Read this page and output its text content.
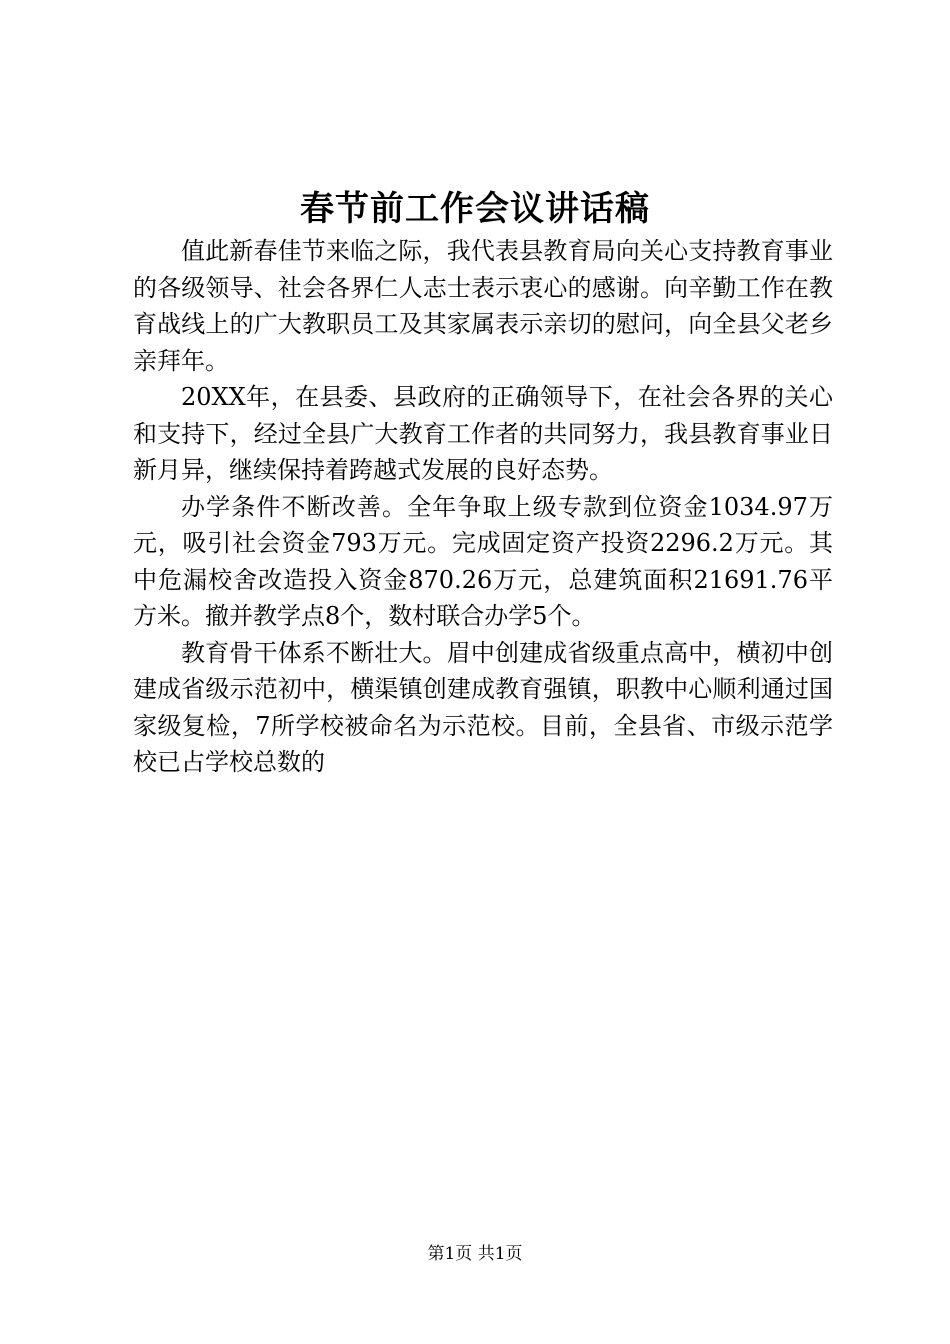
春节前工作会议讲话稿

值此新春佳节来临之际，我代表县教育局向关心支持教育事业的各级领导、社会各界仁人志士表示衷心的感谢。向辛勤工作在教育战线上的广大教职员工及其家属表示亲切的慰问，向全县父老乡亲拜年。

20XX年，在县委、县政府的正确领导下，在社会各界的关心和支持下，经过全县广大教育工作者的共同努力，我县教育事业日新月异，继续保持着跨越式发展的良好态势。

办学条件不断改善。全年争取上级专款到位资金1034.97万元，吸引社会资金793万元。完成固定资产投资2296.2万元。其中危漏校舍改造投入资金870.26万元，总建筑面积21691.76平方米。撤并教学点8个，数村联合办学5个。

教育骨干体系不断壮大。眉中创建成省级重点高中，横初中创建成省级示范初中，横渠镇创建成教育强镇，职教中心顺利通过国家级复检，7所学校被命名为示范校。目前，全县省、市级示范学校已占学校总数的

第1页 共1页
